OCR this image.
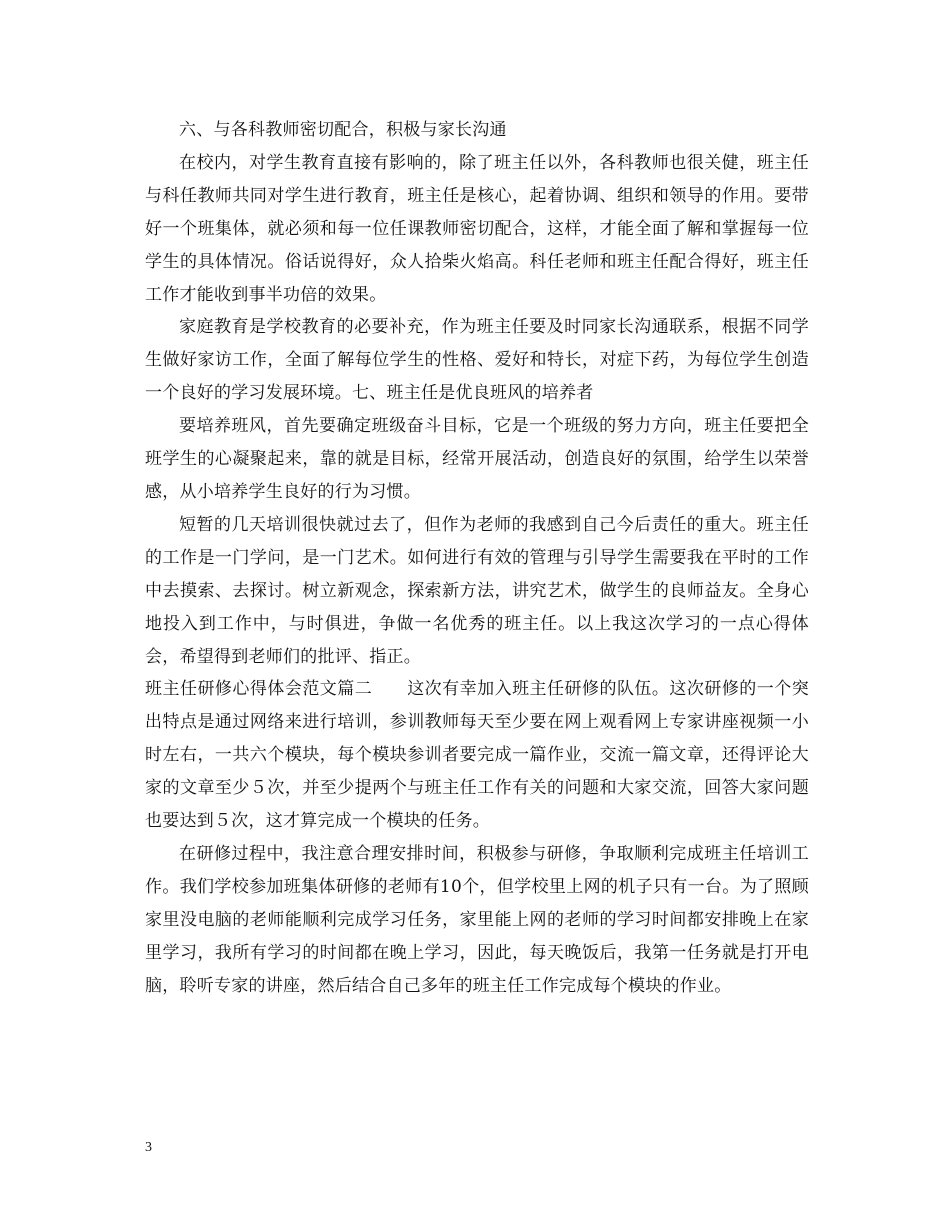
六、与各科教师密切配合，积极与家长沟通

在校内，对学生教育直接有影响的，除了班主任以外，各科教师也很关健，班主任与科任教师共同对学生进行教育，班主任是核心，起着协调、组织和领导的作用。要带好一个班集体，就必须和每一位任课教师密切配合，这样，才能全面了解和掌握每一位学生的具体情况。俗话说得好，众人拾柴火焰高。科任老师和班主任配合得好，班主任工作才能收到事半功倍的效果。

家庭教育是学校教育的必要补充，作为班主任要及时同家长沟通联系，根据不同学生做好家访工作，全面了解每位学生的性格、爱好和特长，对症下药，为每位学生创造一个良好的学习发展环境。七、班主任是优良班风的培养者

要培养班风，首先要确定班级奋斗目标，它是一个班级的努力方向，班主任要把全班学生的心凝聚起来，靠的就是目标，经常开展活动，创造良好的氛围，给学生以荣誉感，从小培养学生良好的行为习惯。

短暂的几天培训很快就过去了，但作为老师的我感到自己今后责任的重大。班主任的工作是一门学问，是一门艺术。如何进行有效的管理与引导学生需要我在平时的工作中去摸索、去探讨。树立新观念，探索新方法，讲究艺术，做学生的良师益友。全身心地投入到工作中，与时俱进，争做一名优秀的班主任。以上我这次学习的一点心得体会，希望得到老师们的批评、指正。

班主任研修心得体会范文篇二　　这次有幸加入班主任研修的队伍。这次研修的一个突出特点是通过网络来进行培训，参训教师每天至少要在网上观看网上专家讲座视频一小时左右，一共六个模块，每个模块参训者要完成一篇作业，交流一篇文章，还得评论大家的文章至少５次，并至少提两个与班主任工作有关的问题和大家交流，回答大家问题也要达到５次，这才算完成一个模块的任务。

在研修过程中，我注意合理安排时间，积极参与研修，争取顺利完成班主任培训工作。我们学校参加班集体研修的老师有10个，但学校里上网的机子只有一台。为了照顾家里没电脑的老师能顺利完成学习任务，家里能上网的老师的学习时间都安排晚上在家里学习，我所有学习的时间都在晚上学习，因此，每天晚饭后，我第一任务就是打开电脑，聆听专家的讲座，然后结合自己多年的班主任工作完成每个模块的作业。

3
